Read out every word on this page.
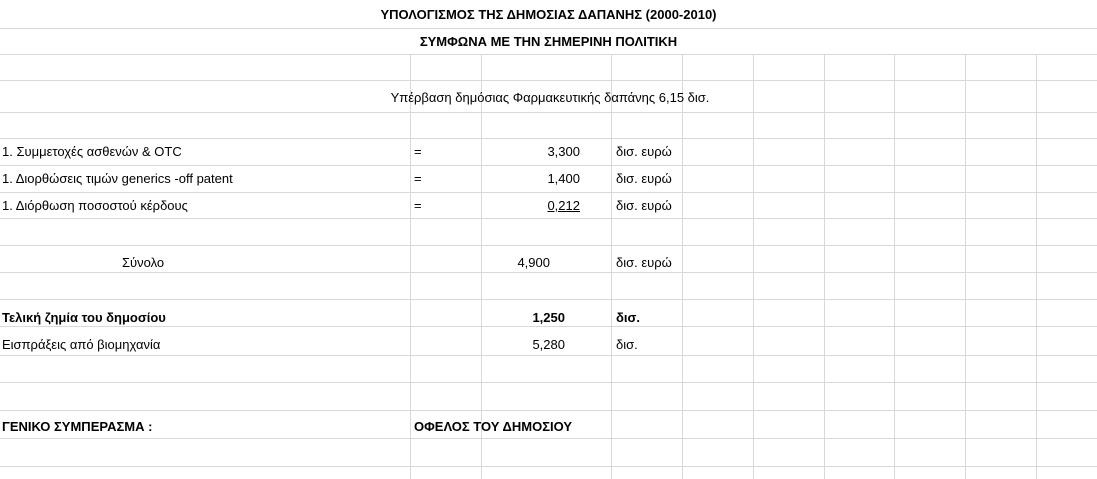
ΥΠΟΛΟΓΙΣΜΟΣ ΤΗΣ ΔΗΜΟΣΙΑΣ ΔΑΠΑΝΗΣ (2000-2010)
ΣΥΜΦΩΝΑ ΜΕ ΤΗΝ ΣΗΜΕΡΙΝΗ ΠΟΛΙΤΙΚΗ
Υπέρβαση δημόσιας Φαρμακευτικής δαπάνης 6,15 δισ.
1. Συμμετοχές ασθενών & OTC	=	3,300	δισ. ευρώ
1. Διορθώσεις τιμών generics -off patent	=	1,400	δισ. ευρώ
1. Διόρθωση ποσοστού κέρδους	=	0,212	δισ. ευρώ
Σύνολο	4,900	δισ. ευρώ
Τελική ζημία του δημοσίου	1,250	δισ.
Εισπράξεις από βιομηχανία	5,280	δισ.
ΓΕΝΙΚΟ ΣΥΜΠΕΡΑΣΜΑ :	ΟΦΕΛΟΣ ΤΟΥ ΔΗΜΟΣΙΟΥ
